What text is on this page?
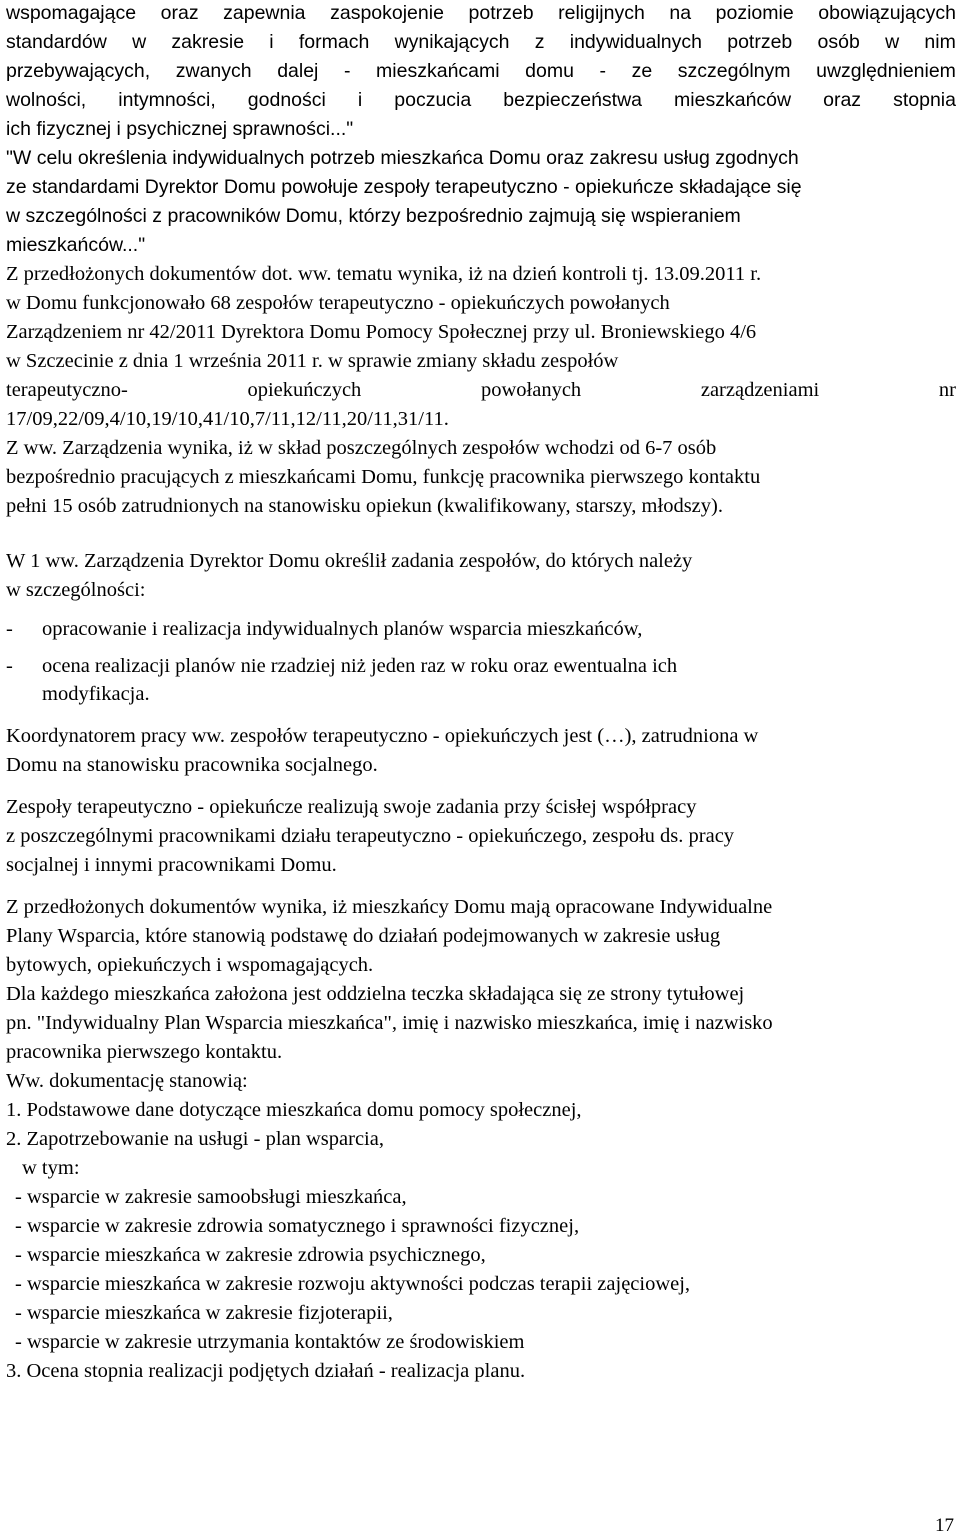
wspomagające oraz zapewnia zaspokojenie potrzeb religijnych na poziomie obowiązujących
standardów w zakresie i formach wynikających z indywidualnych potrzeb osób w nim
przebywających, zwanych dalej - mieszkańcami domu - ze szczególnym uwzględnieniem
wolności, intymności, godności i poczucia bezpieczeństwa mieszkańców oraz stopnia
ich fizycznej i psychicznej sprawności..."
"W celu określenia indywidualnych potrzeb mieszkańca Domu oraz zakresu usług zgodnych
ze standardami Dyrektor Domu powołuje zespoły terapeutyczno - opiekuńcze składające się
w szczególności z pracowników Domu, którzy bezpośrednio zajmują się wspieraniem
mieszkańców..."
Z przedłożonych dokumentów dot. ww. tematu wynika, iż na dzień kontroli tj. 13.09.2011 r.
w Domu funkcjonowało 68 zespołów terapeutyczno - opiekuńczych powołanych
Zarządzeniem nr 42/2011 Dyrektora Domu Pomocy Społecznej przy ul. Broniewskiego 4/6
w Szczecinie z dnia 1 września 2011 r. w sprawie zmiany składu zespołów
terapeutyczno-	opiekuńczych	powołanych	zarządzeniami	nr
17/09,22/09,4/10,19/10,41/10,7/11,12/11,20/11,31/11.
Z ww. Zarządzenia wynika, iż w skład poszczególnych zespołów wchodzi od 6-7 osób
bezpośrednio pracujących z mieszkańcami Domu, funkcję pracownika pierwszego kontaktu
pełni 15 osób zatrudnionych na stanowisku opiekun (kwalifikowany, starszy, młodszy).
W 1 ww. Zarządzenia Dyrektor Domu określił zadania zespołów, do których należy
w szczególności:
- opracowanie i realizacja indywidualnych planów wsparcia mieszkańców,
- ocena realizacji planów nie rzadziej niż jeden raz w roku oraz ewentualna ich
modyfikacja.
Koordynatorem pracy ww. zespołów terapeutyczno - opiekuńczych jest (…), zatrudniona w
Domu na stanowisku pracownika socjalnego.
Zespoły terapeutyczno - opiekuńcze realizują swoje zadania przy ścisłej współpracy
z poszczególnymi pracownikami działu terapeutyczno - opiekuńczego, zespołu ds. pracy
socjalnej i innymi pracownikami Domu.
Z przedłożonych dokumentów wynika, iż mieszkańcy Domu mają opracowane Indywidualne
Plany Wsparcia, które stanowią podstawę do działań podejmowanych w zakresie usług
bytowych, opiekuńczych i wspomagających.
Dla każdego mieszkańca założona jest oddzielna teczka składająca się ze strony tytułowej
pn. "Indywidualny Plan Wsparcia mieszkańca", imię i nazwisko mieszkańca, imię i nazwisko
pracownika pierwszego kontaktu.
Ww. dokumentację stanowią:
1. Podstawowe dane dotyczące mieszkańca domu pomocy społecznej,
2. Zapotrzebowanie na usługi - plan wsparcia,
w tym:
- wsparcie w zakresie samoobsługi mieszkańca,
- wsparcie w zakresie zdrowia somatycznego i sprawności fizycznej,
- wsparcie mieszkańca w zakresie zdrowia psychicznego,
- wsparcie mieszkańca w zakresie rozwoju aktywności podczas terapii zajęciowej,
- wsparcie mieszkańca w zakresie fizjoterapii,
- wsparcie w zakresie utrzymania kontaktów ze środowiskiem
3. Ocena stopnia realizacji podjętych działań - realizacja planu.
17
